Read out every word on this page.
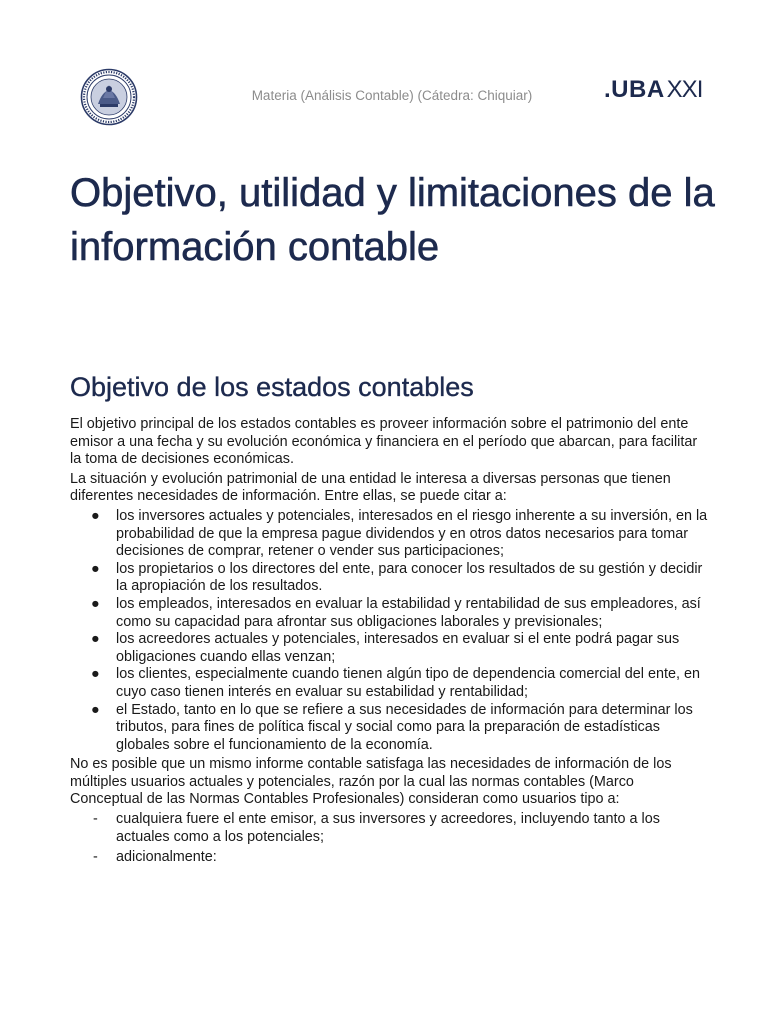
Materia (Análisis Contable) (Cátedra: Chiquiar)	.UBAXXI
Objetivo, utilidad y limitaciones de la información contable
Objetivo de los estados contables

El objetivo principal de los estados contables es proveer información sobre el patrimonio del ente emisor a una fecha y su evolución económica y financiera en el período que abarcan, para facilitar la toma de decisiones económicas.

La situación y evolución patrimonial de una entidad le interesa a diversas personas que tienen diferentes necesidades de información. Entre ellas, se puede citar a:

● los inversores actuales y potenciales, interesados en el riesgo inherente a su inversión, en la probabilidad de que la empresa pague dividendos y en otros datos necesarios para tomar decisiones de comprar, retener o vender sus participaciones;
● los propietarios o los directores del ente, para conocer los resultados de su gestión y decidir la apropiación de los resultados.
● los empleados, interesados en evaluar la estabilidad y rentabilidad de sus empleadores, así como su capacidad para afrontar sus obligaciones laborales y previsionales;
● los acreedores actuales y potenciales, interesados en evaluar si el ente podrá pagar sus obligaciones cuando ellas venzan;
● los clientes, especialmente cuando tienen algún tipo de dependencia comercial del ente, en cuyo caso tienen interés en evaluar su estabilidad y rentabilidad;
● el Estado, tanto en lo que se refiere a sus necesidades de información para determinar los tributos, para fines de política fiscal y social como para la preparación de estadísticas globales sobre el funcionamiento de la economía.

No es posible que un mismo informe contable satisfaga las necesidades de información de los múltiples usuarios actuales y potenciales, razón por la cual las normas contables (Marco Conceptual de las Normas Contables Profesionales) consideran como usuarios tipo a:

- cualquiera fuere el ente emisor, a sus inversores y acreedores, incluyendo tanto a los actuales como a los potenciales;
- adicionalmente:
